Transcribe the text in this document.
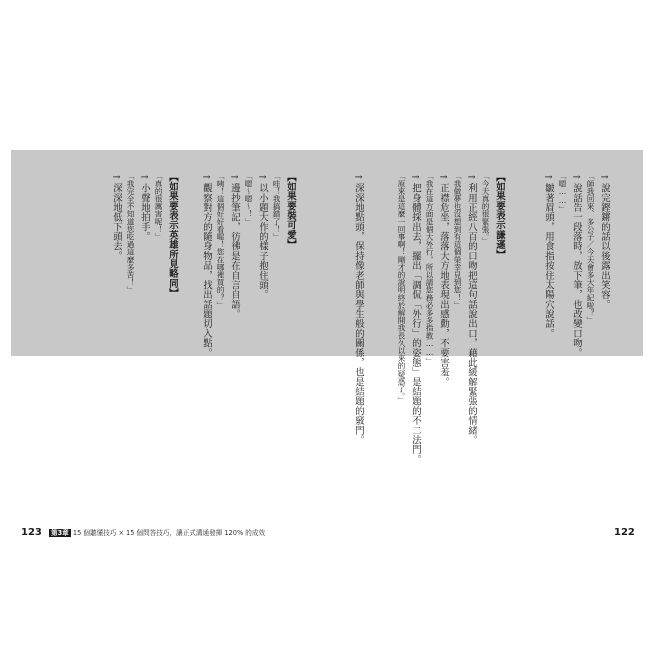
→說完鏗鏘的話以後露出笑容。
「師我回來、多公子／今天會多大年紀啦？」
→說話告一段落時，放下筆，也改變口吻。
「嗯……」
→皺著眉頭，用食指按住太陽穴說話。
【如果要表示謙遜】
「今天真的很緊張。」
→利用正經八百的口吻把這句話說出口，藉此緩解緊張的情緒。
「我做夢也沒想到有這個榮幸見到您！」
→正襟危坐，落落大方地表現出感動，不要害羞。
「我在這方面是個大外行，所以請您務必多多指教……」
→把身體採出去，擺出「調侃「外行」的姿態」是結題的不二法門。
「原來是這麼一回事啊！剛才的說明終於解開我長久以來的疑惑了。」
→深深地點頭，保持像老師與學生般的關係，也是結題的竅門。
【如果要裝可愛】
「哇！我搞錯了！」
→以小題大作的樣子抱住頭。
「嗯～嗯～！」
→邊抄筆記，彷彿是在自言自語。
「咦！這個好好看喔！您在哪裡買的？」
→觀察對方的隨身物品，找出話題切入點。
【如果要表示英雄所見略同】
「真的很厲害呢！」
→小聲地拍手。
「我完全不知道您吃過這麼多苦！」
→深深地低下頭去。
123	第3章 15 個聽懂技巧 × 15 個問答技巧，讓正式溝通發揮 120% 的成效	122
